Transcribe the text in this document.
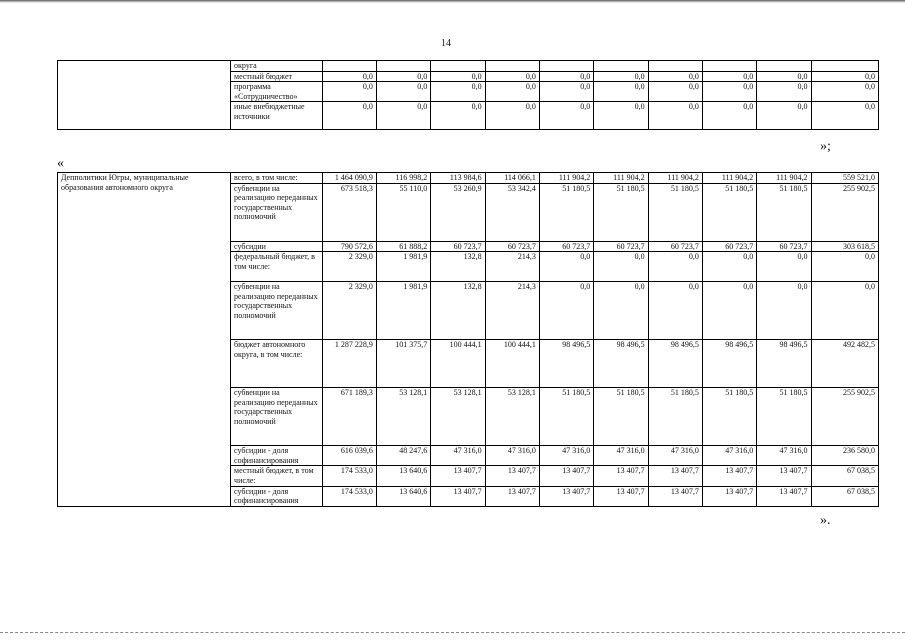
14
	округа										
	местный бюджет	0,0	0,0	0,0	0,0	0,0	0,0	0,0	0,0	0,0	0,0
	программа «Сотрудничество»	0,0	0,0	0,0	0,0	0,0	0,0	0,0	0,0	0,0	0,0
	иные внебюджетные источники	0,0	0,0	0,0	0,0	0,0	0,0	0,0	0,0	0,0	0,0
»;
«
Депполитики Югры, муниципальные образования автономного округа	всего, в том числе:	1 464 090,9	116 998,2	113 984,6	114 066,1	111 904,2	111 904,2	111 904,2	111 904,2	111 904,2	559 521,0
	субвенции на реализацию переданных государственных полномочий	673 518,3	55 110,0	53 260,9	53 342,4	51 180,5	51 180,5	51 180,5	51 180,5	51 180,5	255 902,5
	субсидии	790 572,6	61 888,2	60 723,7	60 723,7	60 723,7	60 723,7	60 723,7	60 723,7	60 723,7	303 618,5
	федеральный бюджет, в том числе:	2 329,0	1 981,9	132,8	214,3	0,0	0,0	0,0	0,0	0,0	0,0
	субвенции на реализацию переданных государственных полномочий	2 329,0	1 981,9	132,8	214,3	0,0	0,0	0,0	0,0	0,0	0,0
	бюджет автономного округа, в том числе:	1 287 228,9	101 375,7	100 444,1	100 444,1	98 496,5	98 496,5	98 496,5	98 496,5	98 496,5	492 482,5
	субвенции на реализацию переданных государственных полномочий	671 189,3	53 128,1	53 128,1	53 128,1	51 180,5	51 180,5	51 180,5	51 180,5	51 180,5	255 902,5
	субсидии - доля софинансирования	616 039,6	48 247,6	47 316,0	47 316,0	47 316,0	47 316,0	47 316,0	47 316,0	47 316,0	236 580,0
	местный бюджет, в том числе:	174 533,0	13 640,6	13 407,7	13 407,7	13 407,7	13 407,7	13 407,7	13 407,7	13 407,7	67 038,5
	субсидии - доля софинансирования	174 533,0	13 640,6	13 407,7	13 407,7	13 407,7	13 407,7	13 407,7	13 407,7	13 407,7	67 038,5
».
